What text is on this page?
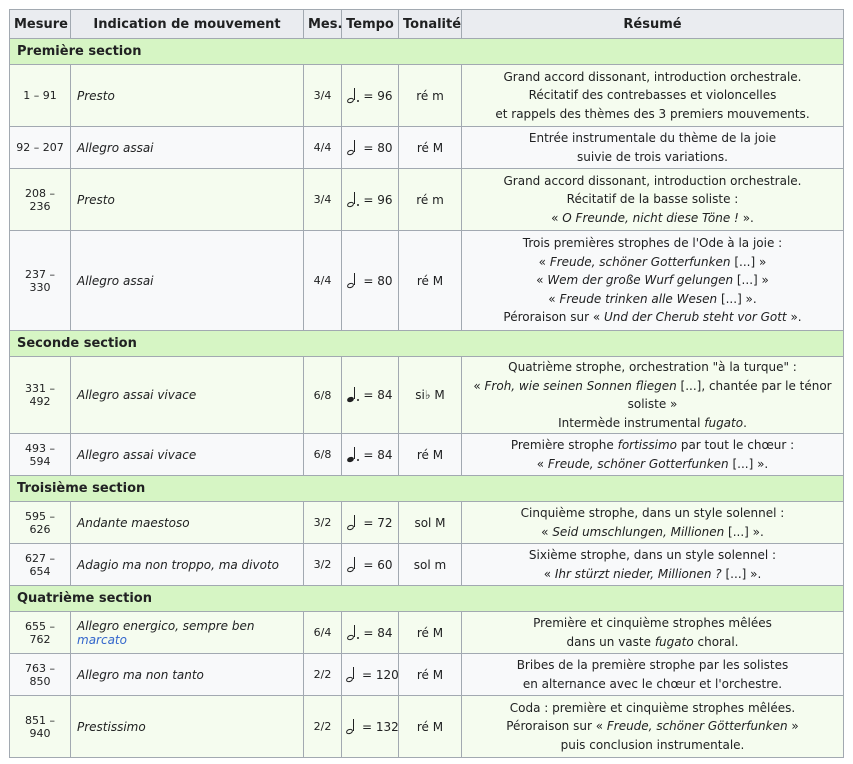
Mesure	Indication de mouvement	Mes.	Tempo	Tonalité	Résumé
Première section					
1 – 91	Presto	3/4	= 96	ré m	Grand accord dissonant, introduction orchestrale.
Récitatif des contrebasses et violoncelles
et rappels des thèmes des 3 premiers mouvements.

92 – 207	Allegro assai	4/4	= 80	ré M	Entrée instrumentale du thème de la joie
suivie de trois variations.

208 – 236	Presto	3/4	= 96	ré m	Grand accord dissonant, introduction orchestrale.
Récitatif de la basse soliste :
« O Freunde, nicht diese Töne ! ».

237 – 330	Allegro assai	4/4	= 80	ré M	Trois premières strophes de l'Ode à la joie :
« Freude, schöner Gotterfunken [...] »
« Wem der große Wurf gelungen [...] »
« Freude trinken alle Wesen [...] ».
Péroraison sur « Und der Cherub steht vor Gott ».

Seconde section					
331 – 492	Allegro assai vivace	6/8	= 84	si♭ M	Quatrième strophe, orchestration "à la turque" :
« Froh, wie seinen Sonnen fliegen [...], chantée par le ténor soliste »
Intermède instrumental fugato.

493 – 594	Allegro assai vivace	6/8	= 84	ré M	Première strophe fortissimo par tout le chœur :
« Freude, schöner Gotterfunken [...] ».

Troisième section					
595 – 626	Andante maestoso	3/2	= 72	sol M	Cinquième strophe, dans un style solennel :
« Seid umschlungen, Millionen [...] ».

627 – 654	Adagio ma non troppo, ma divoto	3/2	= 60	sol m	Sixième strophe, dans un style solennel :
« Ihr stürzt nieder, Millionen ? [...] ».

Quatrième section					
655 – 762	Allegro energico, sempre ben marcato	6/4	= 84	ré M	Première et cinquième strophes mêlées
dans un vaste fugato choral.

763 – 850	Allegro ma non tanto	2/2	= 120	ré M	Bribes de la première strophe par les solistes
en alternance avec le chœur et l'orchestre.

851 – 940	Prestissimo	2/2	= 132	ré M	Coda : première et cinquième strophes mêlées.
Péroraison sur « Freude, schöner Götterfunken »
puis conclusion instrumentale.
